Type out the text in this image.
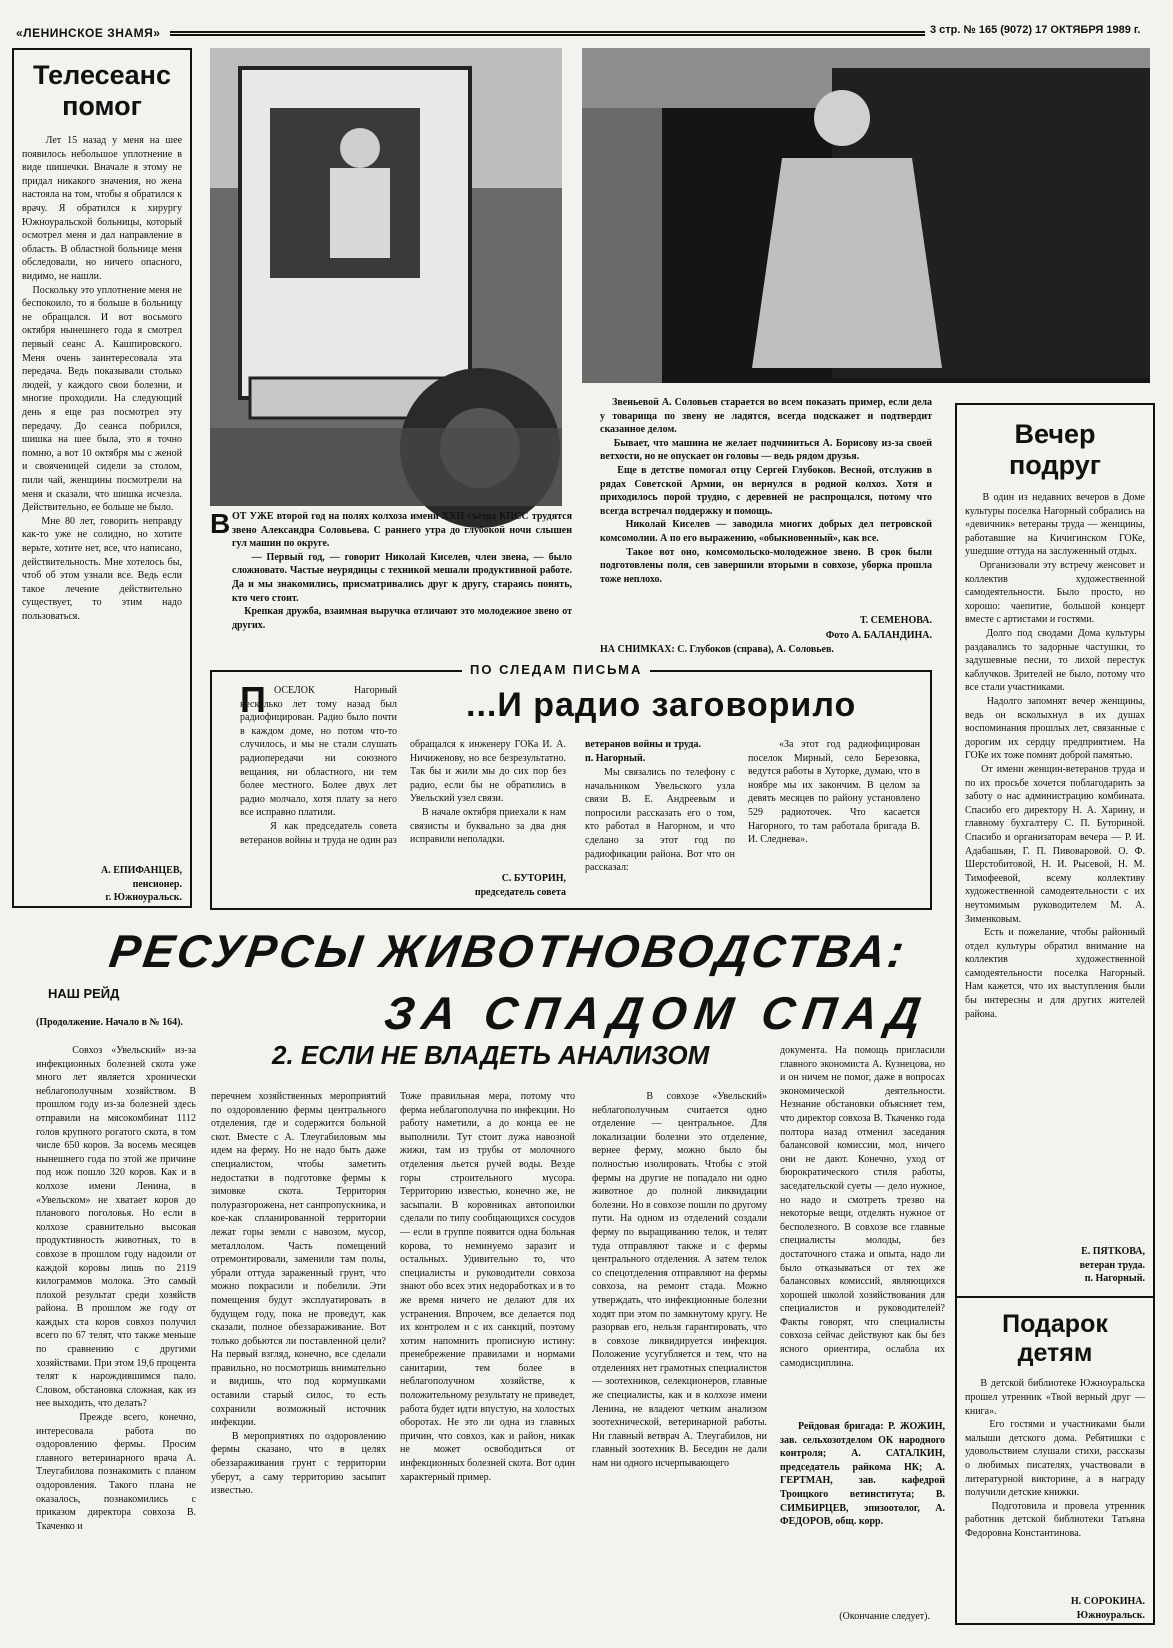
«ЛЕНИНСКОЕ ЗНАМЯ»	3 стр. № 165 (9072) 17 ОКТЯБРЯ 1989 г.
Телесеанс помог
Лет 15 назад у меня на шее появилось небольшое уплотнение в виде шишечки. Вначале я этому не придал никакого значения, но жена настояла на том, чтобы я обратился к врачу. Я обратился к хирургу Южноуральской больницы, который осмотрел меня и дал направление в область. В областной больнице меня обследовали, но ничего опасного, видимо, не нашли.
Поскольку это уплотнение меня не беспокоило, то я больше в больницу не обращался. И вот восьмого октября нынешнего года я смотрел первый сеанс А. Кашпировского. Меня очень заинтересовала эта передача. Ведь показывали столько людей, у каждого свои болезни, и многие проходили. На следующий день я еще раз посмотрел эту передачу. До сеанса побрился, шишка на шее была, это я точно помню, а вот 10 октября мы с женой и свояченицей сидели за столом, пили чай, женщины посмотрели на меня и сказали, что шишка исчезла. Действительно, ее больше не было.
Мне 80 лет, говорить неправду как-то уже не солидно, но хотите верьте, хотите нет, все, что написано, действительность. Мне хотелось бы, чтоб об этом узнали все. Ведь если такое лечение действительно существует, то этим надо пользоваться.
А. ЕПИФАНЦЕВ,
пенсионер.
г. Южноуральск.
В ОТ УЖЕ второй год на полях колхоза имени XXII съезда КПСС трудятся звено Александра Соловьева. С раннего утра до глубокой ночи слышен гул машин по округе.
— Первый год, — говорит Николай Киселев, член звена, — было сложновато. Частые неурядицы с техникой мешали продуктивной работе. Да и мы знакомились, присматривались друг к другу, стараясь понять, кто чего стоит.
Крепкая дружба, взаимная выручка отличают это молодежное звено от других.
Звеньевой А. Соловьев старается во всем показать пример, если дела у товарища по звену не ладятся, всегда подскажет и подтвердит сказанное делом.
Бывает, что машина не желает подчиниться А. Борисову из-за своей ветхости, но не опускает он головы — ведь рядом друзья.
Еще в детстве помогал отцу Сергей Глубоков. Весной, отслужив в рядах Советской Армии, он вернулся в родной колхоз. Хотя и приходилось порой трудно, с деревней не распрощался, потому что всегда встречал поддержку и помощь.
Николай Киселев — заводила многих добрых дел петровской комсомолии. А по его выражению, «обыкновенный», как все.
Такое вот оно, комсомольско-молодежное звено. В срок были подготовлены поля, сев завершили вторыми в совхозе, уборка прошла тоже неплохо.
Т. СЕМЕНОВА.
Фото А. БАЛАНДИНА.
НА СНИМКАХ: С. Глубоков (справа), А. Соловьев.
ПО СЛЕДАМ ПИСЬМА
П ОСЕЛОК Нагорный несколько лет тому назад был радиофицирован. Радио было почти в каждом доме, но потом что-то случилось, и мы не стали слушать радиопередачи ни союзного вещания, ни областного, ни тем более местного. Более двух лет радио молчало, хотя плату за него все исправно платили.
Я как председатель совета ветеранов войны и труда не один раз
...И радио заговорило
обращался к инженеру ГОКа И. А. Ничиженову, но все безрезультатно. Так бы и жили мы до сих пор без радио, если бы не обратились в Увельский узел связи.
В начале октября приехали к нам связисты и буквально за два дня исправили неполадки.
С. БУТОРИН,
председатель совета
ветеранов войны и труда.
п. Нагорный.
Мы связались по телефону с начальником Увельского узла связи В. Е. Андреевым и попросили рассказать его о том, кто работал в Нагорном, и что сделано за этот год по радиофикации района. Вот что он рассказал:
«За этот год радиофицирован поселок Мирный, село Березовка, ведутся работы в Хуторке, думаю, что в ноябре мы их закончим. В целом за девять месяцев по району установлено 529 радиоточек. Что касается Нагорного, то там работала бригада В. И. Следнева».
Вечер подруг
В один из недавних вечеров в Доме культуры поселка Нагорный собрались на «девичник» ветераны труда — женщины, работавшие на Кичигинском ГОКе, ушедшие оттуда на заслуженный отдых.
Организовали эту встречу женсовет и коллектив художественной самодеятельности. Было просто, но хорошо: чаепитие, большой концерт вместе с артистами и гостями.
Долго под сводами Дома культуры раздавались то задорные частушки, то задушевные песни, то лихой перестук каблучков. Зрителей не было, потому что все стали участниками.
Надолго запомнят вечер женщины, ведь он всколыхнул в их душах воспоминания прошлых лет, связанные с дорогим их сердцу предприятием. На ГОКе их тоже помнят доброй памятью.
От имени женщин-ветеранов труда и по их просьбе хочется поблагодарить за заботу о нас администрацию комбината. Спасибо его директору Н. А. Харину, и главному бухгалтеру С. П. Буториной. Спасибо и организаторам вечера — Р. И. Адабашьян, Г. П. Пивоваровой. О. Ф. Шерстобитовой, Н. И. Рысевой, Н. М. Тимофеевой, всему коллективу художественной самодеятельности с их неутомимым руководителем М. А. Зименковым.
Есть и пожелание, чтобы районный отдел культуры обратил внимание на коллектив художественной самодеятельности поселка Нагорный. Нам кажется, что их выступления были бы интересны и для других жителей района.
Е. ПЯТКОВА,
ветеран труда.
п. Нагорный.
Подарок детям
В детской библиотеке Южноуральска прошел утренник «Твой верный друг — книга».
Его гостями и участниками были малыши детского дома. Ребятишки с удовольствием слушали стихи, рассказы о любимых писателях, участвовали в литературной викторине, а в награду получили детские книжки.
Подготовила и провела утренник работник детской библиотеки Татьяна Федоровна Константинова.
Н. СОРОКИНА.
Южноуральск.
РЕСУРСЫ ЖИВОТНОВОДСТВА:
НАШ РЕЙД	ЗА СПАДОМ СПАД
(Продолжение. Начало в № 164).
2. ЕСЛИ НЕ ВЛАДЕТЬ АНАЛИЗОМ
Совхоз «Увельский» из-за инфекционных болезней скота уже много лет является хронически неблагополучным хозяйством. В прошлом году из-за болезней здесь отправили на мясокомбинат 1112 голов крупного рогатого скота, в том числе 650 коров. За восемь месяцев нынешнего года по этой же причине под нож пошло 320 коров. Как и в колхозе имени Ленина, в «Увельском» не хватает коров до планового поголовья. Но если в колхозе сравнительно высокая продуктивность животных, то в совхозе в прошлом году надоили от каждой коровы лишь по 2119 килограммов молока. Это самый плохой результат среди хозяйств района. В прошлом же году от каждых ста коров совхоз получил всего по 67 телят, что также меньше по сравнению с другими хозяйствами. При этом 19,6 процента телят к нарождившимся пало. Словом, обстановка сложная, как из нее выходить, что делать?
Прежде всего, конечно, интересовала работа по оздоровлению фермы. Просим главного ветеринарного врача А. Тлеугабилова познакомить с планом оздоровления. Такого плана не оказалось, познакомились с приказом директора совхоза В. Ткаченко и
перечнем хозяйственных мероприятий по оздоровлению фермы центрального отделения, где и содержится больной скот. Вместе с А. Тлеугабиловым мы идем на ферму. Но не надо быть даже специалистом, чтобы заметить недостатки в подготовке фермы к зимовке скота. Территория полуразгорожена, нет санпропускника, и кое-как спланированной территории лежат горы земли с навозом, мусор, металлолом. Часть помещений отремонтировали, заменили там полы, убрали оттуда зараженный грунт, что можно покрасили и побелили. Эти помещения будут эксплуатировать в будущем году, пока не проведут, как сказали, полное обеззараживание. Вот только добьются ли поставленной цели? На первый взгляд, конечно, все сделали правильно, но посмотришь внимательно и видишь, что под кормушками оставили старый силос, то есть сохранили возможный источник инфекции.
В мероприятиях по оздоровлению фермы сказано, что в целях обеззараживания грунт с территории уберут, а саму территорию засыпят известью.
Тоже правильная мера, потому что ферма неблагополучна по инфекции. Но работу наметили, а до конца ее не выполнили. Тут стоит лужа навозной жижи, там из трубы от молочного отделения льется ручей воды. Везде горы строительного мусора. Территорию известью, конечно же, не засыпали. В коровниках автопоилки сделали по типу сообщающихся сосудов — если в группе появится одна больная корова, то неминуемо заразит и остальных. Удивительно то, что специалисты и руководители совхоза знают обо всех этих недоработках и в то же время ничего не делают для их устранения. Впрочем, все делается под их контролем и с их санкций, поэтому хотим напомнить прописную истину: пренебрежение правилами и нормами санитарии, тем более в неблагополучном хозяйстве, к положительному результату не приведет, работа будет идти впустую, на холостых оборотах. Не это ли одна из главных причин, что совхоз, как и район, никак не может освободиться от инфекционных болезней скота. Вот один характерный пример.
В совхозе «Увельский» неблагополучным считается одно отделение — центральное. Для локализации болезни это отделение, вернее ферму, можно было бы полностью изолировать. Чтобы с этой фермы на другие не попадало ни одно животное до полной ликвидации болезни. Но в совхозе пошли по другому пути. На одном из отделений создали ферму по выращиванию телок, и телят туда отправляют также и с фермы центрального отделения. А затем телок со спецотделения отправляют на фермы совхоза, на ремонт стада. Можно утверждать, что инфекционные болезни ходят при этом по замкнутому кругу. Не разорвав его, нельзя гарантировать, что в совхозе ликвидируется инфекция. Положение усугубляется и тем, что на отделениях нет грамотных специалистов — зоотехников, селекционеров, главные же специалисты, как и в колхозе имени Ленина, не владеют четким анализом зоотехнической, ветеринарной работы. Ни главный ветврач А. Тлеугабилов, ни главный зоотехник В. Беседин не дали нам ни одного исчерпывающего
документа. На помощь пригласили главного экономиста А. Кузнецова, но и он ничем не помог, даже в вопросах экономической деятельности. Незнание обстановки объясняет тем, что директор совхоза В. Ткаченко года полтора назад отменил заседания балансовой комиссии, мол, ничего они не дают. Конечно, уход от бюрократического стиля работы, заседательской суеты — дело нужное, но надо и смотреть трезво на некоторые вещи, отделять нужное от бесполезного. В совхозе все главные специалисты молоды, без достаточного стажа и опыта, надо ли было отказываться от тех же балансовых комиссий, являющихся хорошей школой хозяйствования для специалистов и руководителей? Факты говорят, что специалисты совхоза сейчас действуют как бы без ясного ориентира, ослабла их самодисциплина.
Рейдовая бригада: Р. ЖОЖИН, зав. сельхозотделом ОК народного контроля; А. САТАЛКИН, председатель райкома НК; А. ГЕРТМАН, зав. кафедрой Троицкого ветинститута; В. СИМБИРЦЕВ, эпизоотолог, А. ФЕДОРОВ, общ. корр.
(Окончание следует).
